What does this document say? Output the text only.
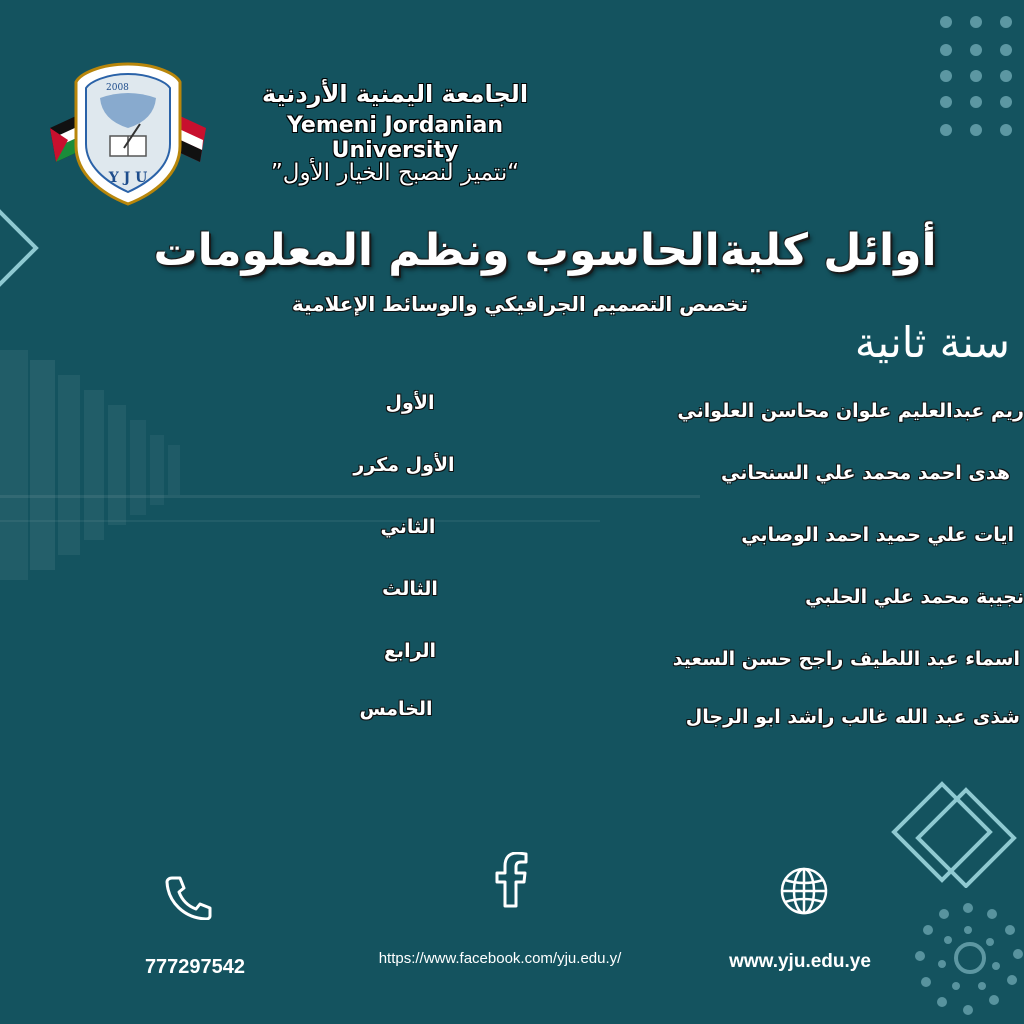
2008
Y J U
الجامعة اليمنية الأردنية
Yemeni Jordanian University
“نتميز لنصبح الخيار الأول”
أوائل كليةالحاسوب ونظم المعلومات
تخصص التصميم الجرافيكي والوسائط الإعلامية
سنة ثانية
ريم عبدالعليم علوان محاسن العلواني
الأول
هدى احمد محمد علي السنحاني
الأول مكرر
ايات علي حميد احمد الوصابي
الثاني
نجيبة محمد علي الحلبي
الثالث
اسماء عبد اللطيف راجح حسن السعيد
الرابع
شذى عبد الله غالب راشد ابو الرجال
الخامس
777297542	https://www.facebook.com/yju.edu.y/	www.yju.edu.ye
